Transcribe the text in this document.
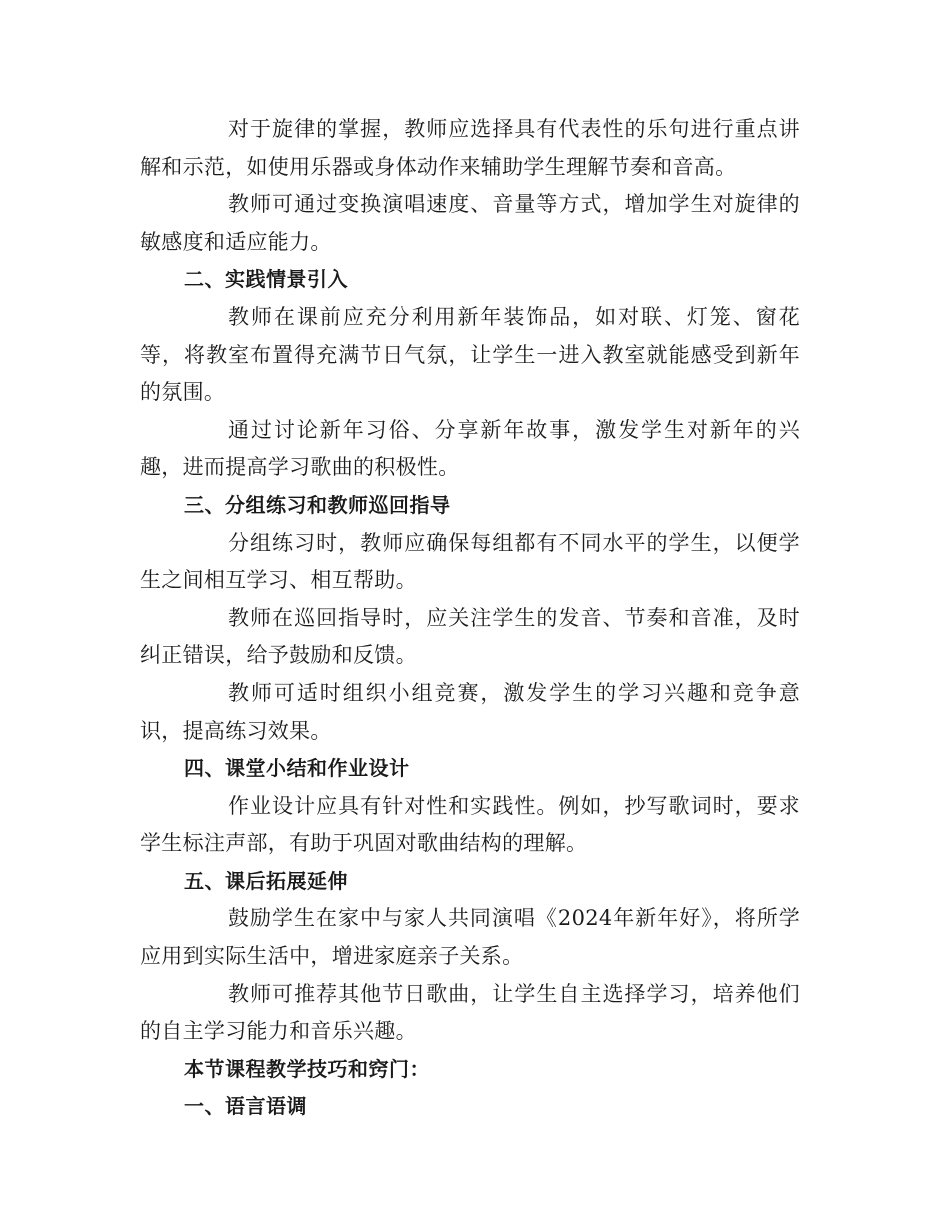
对于旋律的掌握，教师应选择具有代表性的乐句进行重点讲解和示范，如使用乐器或身体动作来辅助学生理解节奏和音高。

教师可通过变换演唱速度、音量等方式，增加学生对旋律的敏感度和适应能力。

二、实践情景引入

教师在课前应充分利用新年装饰品，如对联、灯笼、窗花等，将教室布置得充满节日气氛，让学生一进入教室就能感受到新年的氛围。

通过讨论新年习俗、分享新年故事，激发学生对新年的兴趣，进而提高学习歌曲的积极性。

三、分组练习和教师巡回指导

分组练习时，教师应确保每组都有不同水平的学生，以便学生之间相互学习、相互帮助。

教师在巡回指导时，应关注学生的发音、节奏和音准，及时纠正错误，给予鼓励和反馈。

教师可适时组织小组竞赛，激发学生的学习兴趣和竞争意识，提高练习效果。

四、课堂小结和作业设计

作业设计应具有针对性和实践性。例如，抄写歌词时，要求学生标注声部，有助于巩固对歌曲结构的理解。

五、课后拓展延伸

鼓励学生在家中与家人共同演唱《2024年新年好》，将所学应用到实际生活中，增进家庭亲子关系。

教师可推荐其他节日歌曲，让学生自主选择学习，培养他们的自主学习能力和音乐兴趣。

本节课程教学技巧和窍门：
一、语言语调
